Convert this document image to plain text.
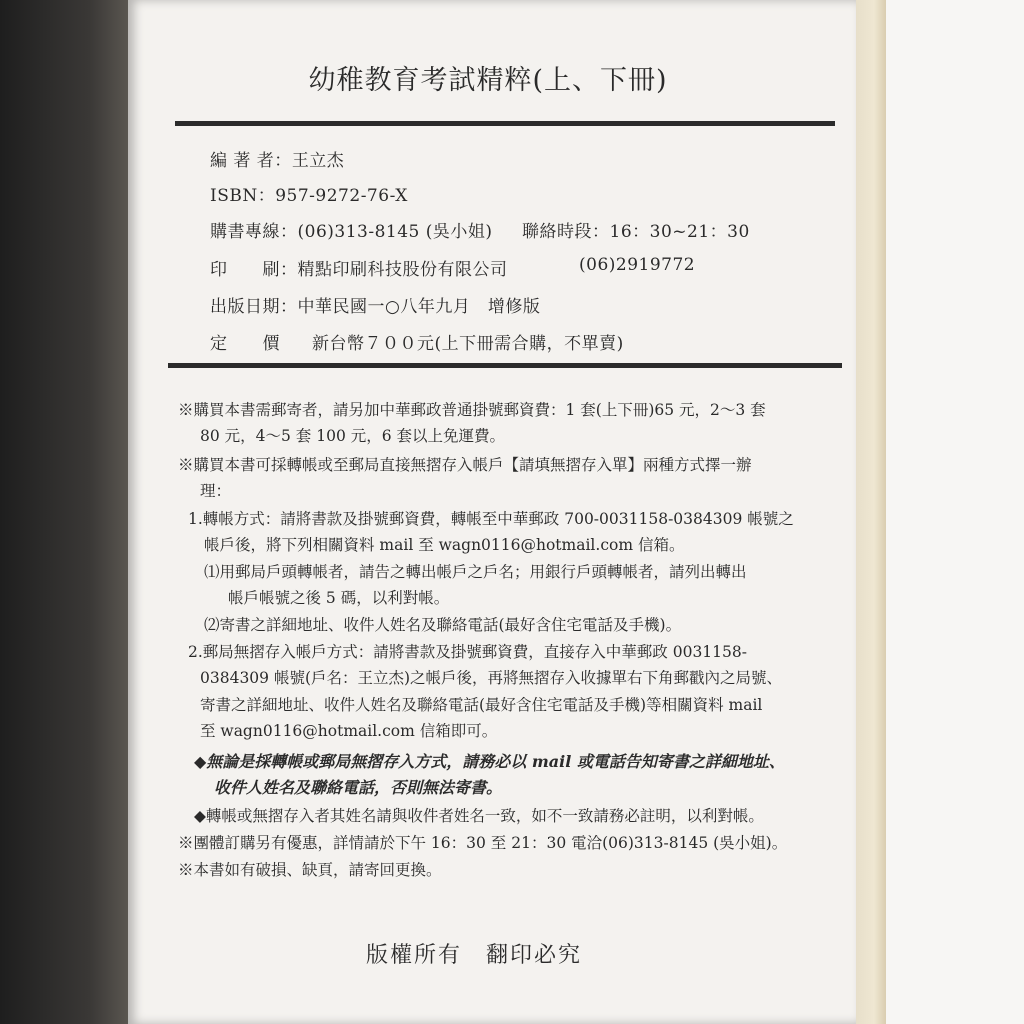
幼稚教育考試精粹(上、下冊)
編 著 者：王立杰
ISBN：957-9272-76-X
購書專線：(06)313-8145 (吳小姐) 聯絡時段：16：30~21：30
印　　刷：精點印刷科技股份有限公司	(06)2919772
出版日期：中華民國一○八年九月　增修版
定　　價 新台幣７００元(上下冊需合購，不單賣)
※購買本書需郵寄者，請另加中華郵政普通掛號郵資費：1 套(上下冊)65 元，2～3 套
80 元，4～5 套 100 元，6 套以上免運費。
※購買本書可採轉帳或至郵局直接無摺存入帳戶【請填無摺存入單】兩種方式擇一辦
理：
1.轉帳方式：請將書款及掛號郵資費，轉帳至中華郵政 700-0031158-0384309 帳號之
帳戶後，將下列相關資料 mail 至 wagn0116@hotmail.com 信箱。
⑴用郵局戶頭轉帳者，請告之轉出帳戶之戶名；用銀行戶頭轉帳者，請列出轉出
帳戶帳號之後 5 碼，以利對帳。
⑵寄書之詳細地址、收件人姓名及聯絡電話(最好含住宅電話及手機)。
2.郵局無摺存入帳戶方式：請將書款及掛號郵資費，直接存入中華郵政 0031158-
0384309 帳號(戶名：王立杰)之帳戶後，再將無摺存入收據單右下角郵戳內之局號、
寄書之詳細地址、收件人姓名及聯絡電話(最好含住宅電話及手機)等相關資料 mail
至 wagn0116@hotmail.com 信箱即可。
◆無論是採轉帳或郵局無摺存入方式，請務必以 mail 或電話告知寄書之詳細地址、
收件人姓名及聯絡電話，否則無法寄書。
◆轉帳或無摺存入者其姓名請與收件者姓名一致，如不一致請務必註明，以利對帳。
※團體訂購另有優惠，詳情請於下午 16：30 至 21：30 電洽(06)313-8145 (吳小姐)。
※本書如有破損、缺頁，請寄回更換。
版權所有　翻印必究
